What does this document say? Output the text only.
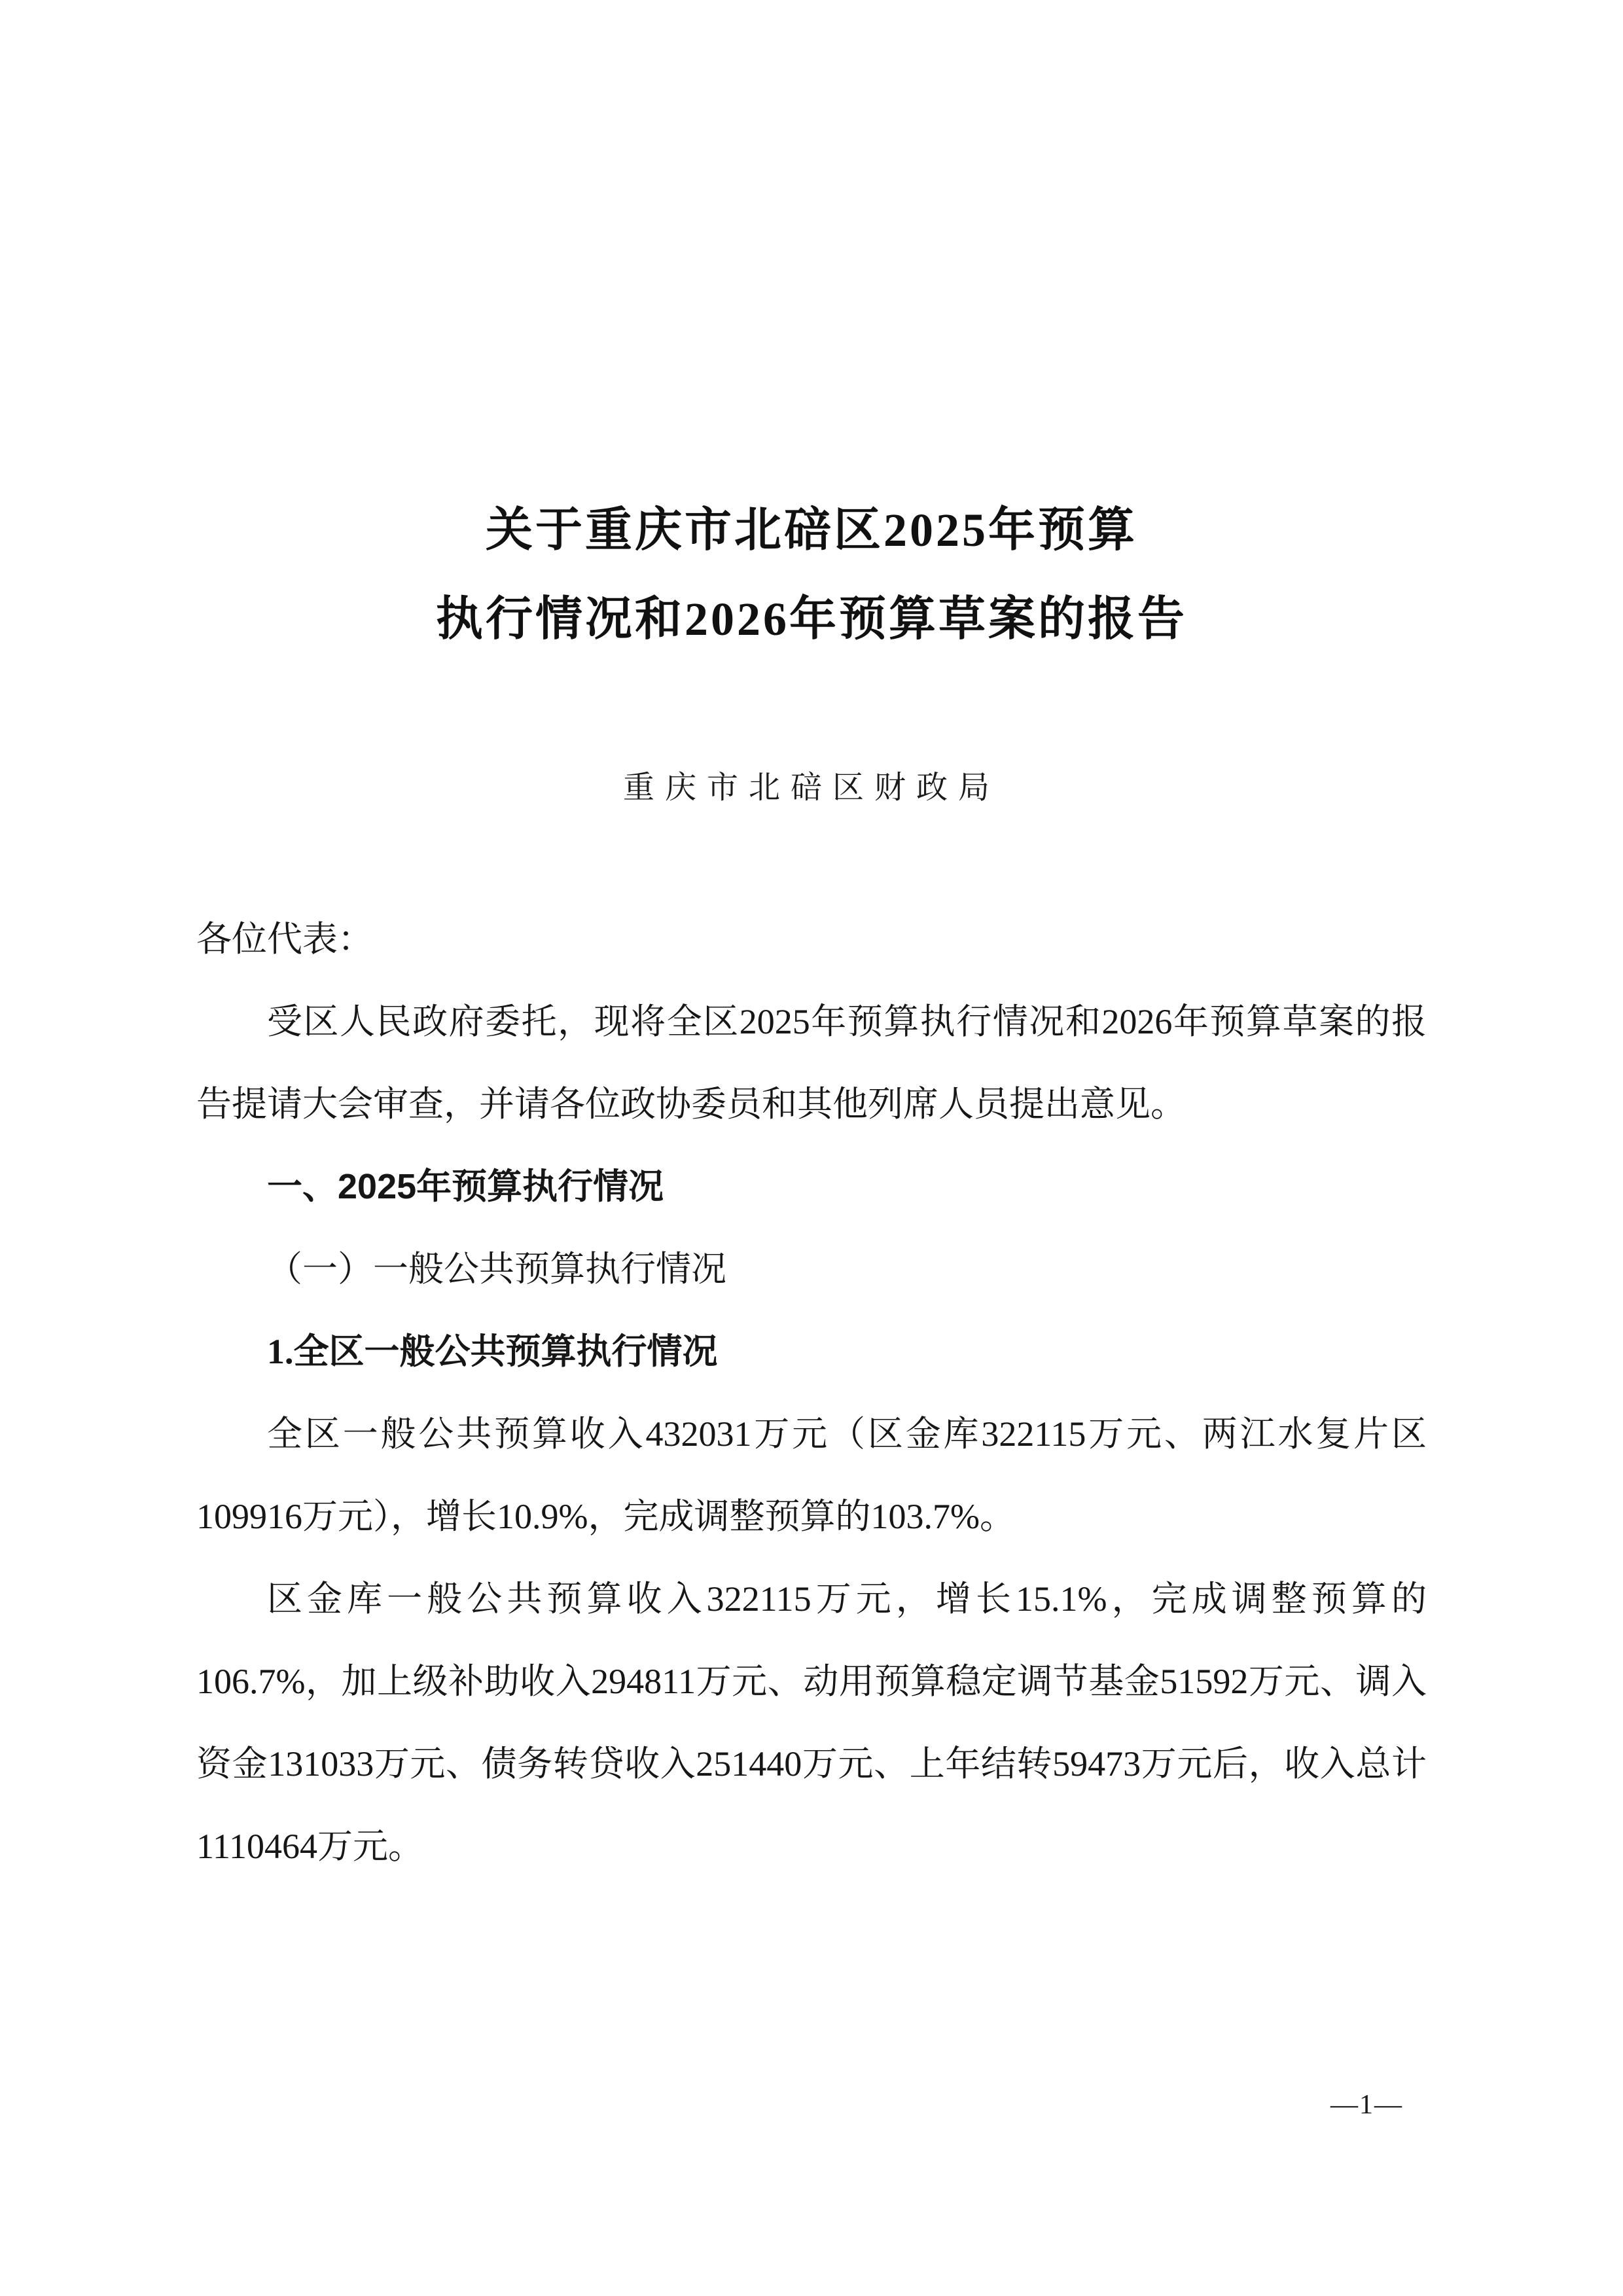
关于重庆市北碚区2025年预算
执行情况和2026年预算草案的报告
重庆市北碚区财政局

各位代表：

受区人民政府委托，现将全区2025年预算执行情况和2026年预算草案的报告提请大会审查，并请各位政协委员和其他列席人员提出意见。

一、2025年预算执行情况

（一）一般公共预算执行情况

1.全区一般公共预算执行情况

全区一般公共预算收入432031万元（区金库322115万元、两江水复片区109916万元），增长10.9%，完成调整预算的103.7%。

区金库一般公共预算收入322115万元，增长15.1%，完成调整预算的106.7%，加上级补助收入294811万元、动用预算稳定调节基金51592万元、调入资金131033万元、债务转贷收入251440万元、上年结转59473万元后，收入总计1110464万元。

—1—
